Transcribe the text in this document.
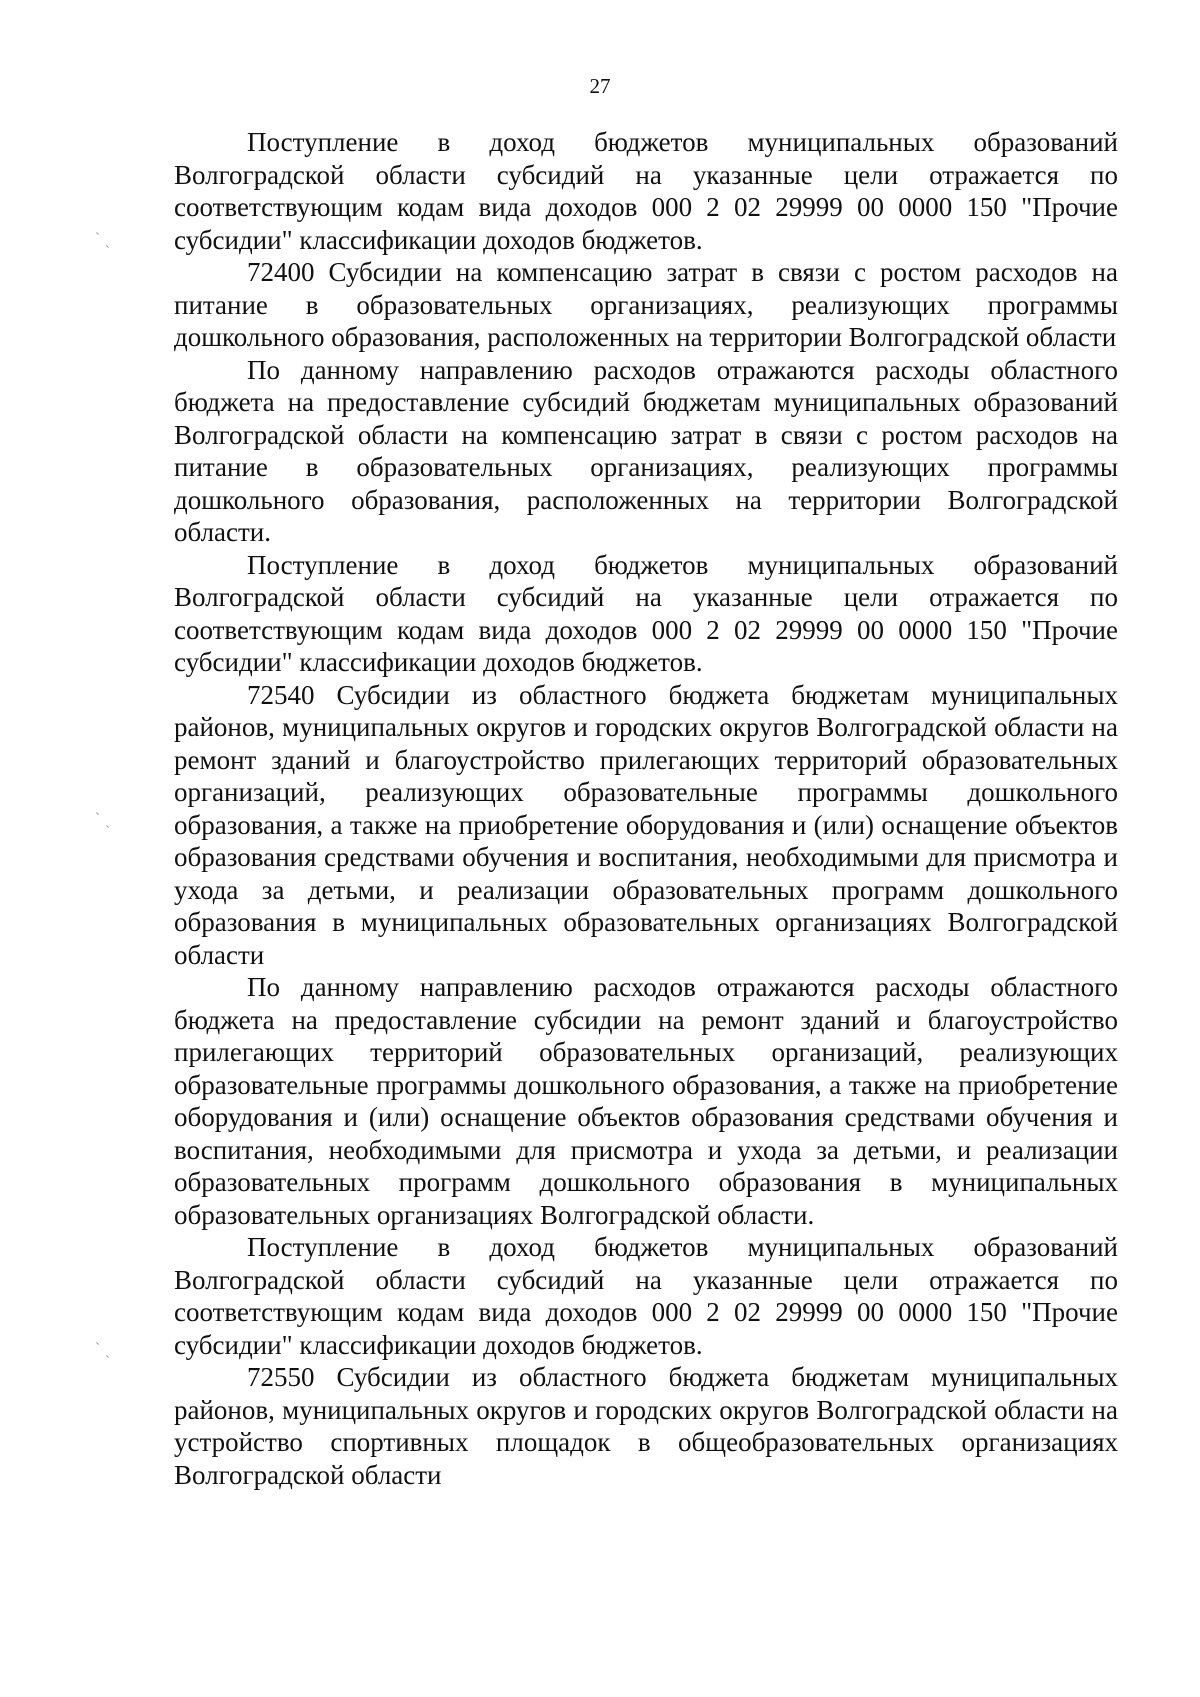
27

Поступление в доход бюджетов муниципальных образований Волгоградской области субсидий на указанные цели отражается по соответствующим кодам вида доходов 000 2 02 29999 00 0000 150 "Прочие субсидии" классификации доходов бюджетов.

72400 Субсидии на компенсацию затрат в связи с ростом расходов на питание в образовательных организациях, реализующих программы дошкольного образования, расположенных на территории Волгоградской области

По данному направлению расходов отражаются расходы областного бюджета на предоставление субсидий бюджетам муниципальных образований Волгоградской области на компенсацию затрат в связи с ростом расходов на питание в образовательных организациях, реализующих программы дошкольного образования, расположенных на территории Волгоградской области.

Поступление в доход бюджетов муниципальных образований Волгоградской области субсидий на указанные цели отражается по соответствующим кодам вида доходов 000 2 02 29999 00 0000 150 "Прочие субсидии" классификации доходов бюджетов.

72540 Субсидии из областного бюджета бюджетам муниципальных районов, муниципальных округов и городских округов Волгоградской области на ремонт зданий и благоустройство прилегающих территорий образовательных организаций, реализующих образовательные программы дошкольного образования, а также на приобретение оборудования и (или) оснащение объектов образования средствами обучения и воспитания, необходимыми для присмотра и ухода за детьми, и реализации образовательных программ дошкольного образования в муниципальных образовательных организациях Волгоградской области

По данному направлению расходов отражаются расходы областного бюджета на предоставление субсидии на ремонт зданий и благоустройство прилегающих территорий образовательных организаций, реализующих образовательные программы дошкольного образования, а также на приобретение оборудования и (или) оснащение объектов образования средствами обучения и воспитания, необходимыми для присмотра и ухода за детьми, и реализации образовательных программ дошкольного образования в муниципальных образовательных организациях Волгоградской области.

Поступление в доход бюджетов муниципальных образований Волгоградской области субсидий на указанные цели отражается по соответствующим кодам вида доходов 000 2 02 29999 00 0000 150 "Прочие субсидии" классификации доходов бюджетов.

72550 Субсидии из областного бюджета бюджетам муниципальных районов, муниципальных округов и городских округов Волгоградской области на устройство спортивных площадок в общеобразовательных организациях Волгоградской области
